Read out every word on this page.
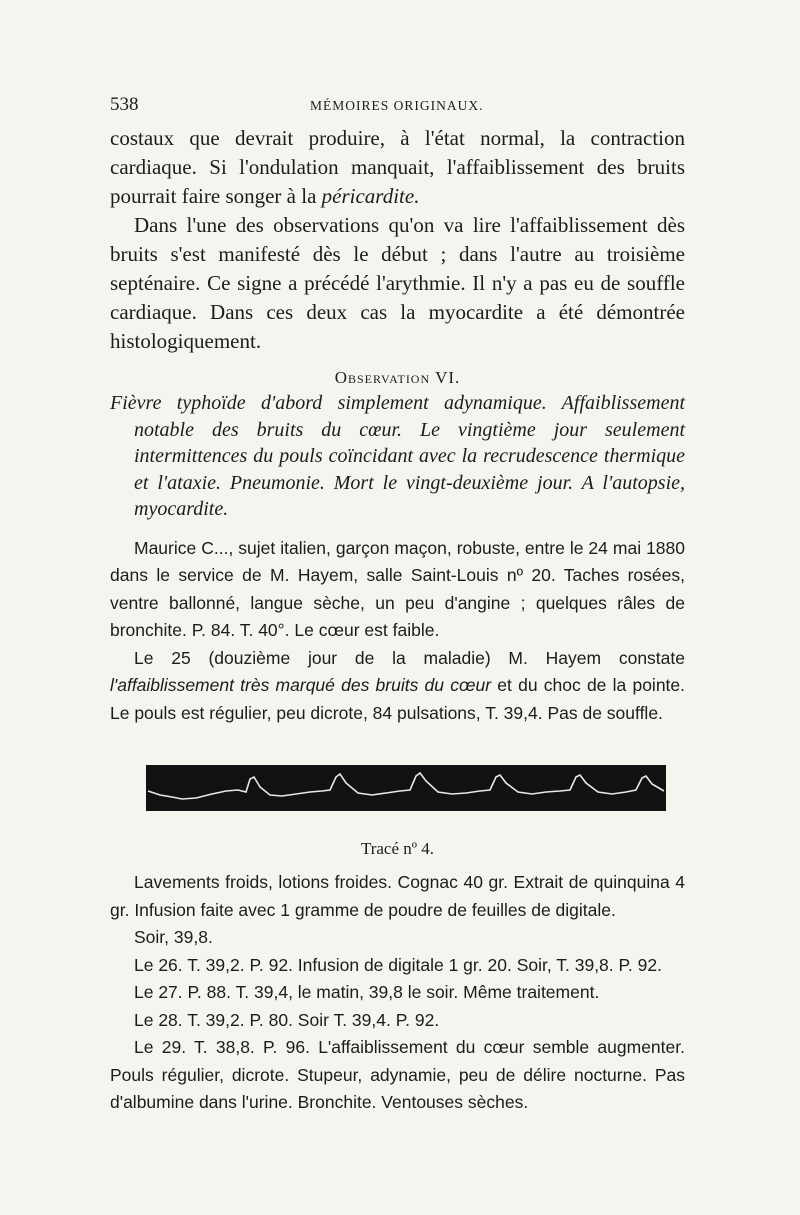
538	MÉMOIRES ORIGINAUX.

costaux que devrait produire, à l'état normal, la contraction cardiaque. Si l'ondulation manquait, l'affaiblissement des bruits pourrait faire songer à la péricardite.

Dans l'une des observations qu'on va lire l'affaiblissement dès bruits s'est manifesté dès le début ; dans l'autre au troisième septénaire. Ce signe a précédé l'arythmie. Il n'y a pas eu de souffle cardiaque. Dans ces deux cas la myocardite a été démontrée histologiquement.

Observation VI.

Fièvre typhoïde d'abord simplement adynamique. Affaiblissement notable des bruits du cœur. Le vingtième jour seulement intermittences du pouls coïncidant avec la recrudescence thermique et l'ataxie. Pneumonie. Mort le vingt-deuxième jour. A l'autopsie, myocardite.

Maurice C..., sujet italien, garçon maçon, robuste, entre le 24 mai 1880 dans le service de M. Hayem, salle Saint-Louis nº 20. Taches rosées, ventre ballonné, langue sèche, un peu d'angine ; quelques râles de bronchite. P. 84. T. 40°. Le cœur est faible.

Le 25 (douzième jour de la maladie) M. Hayem constate l'affaiblissement très marqué des bruits du cœur et du choc de la pointe. Le pouls est régulier, peu dicrote, 84 pulsations, T. 39,4. Pas de souffle.

Tracé nº 4.

Lavements froids, lotions froides. Cognac 40 gr. Extrait de quinquina 4 gr. Infusion faite avec 1 gramme de poudre de feuilles de digitale.

Soir, 39,8.

Le 26. T. 39,2. P. 92. Infusion de digitale 1 gr. 20. Soir, T. 39,8. P. 92.

Le 27. P. 88. T. 39,4, le matin, 39,8 le soir. Même traitement.

Le 28. T. 39,2. P. 80. Soir T. 39,4. P. 92.

Le 29. T. 38,8. P. 96. L'affaiblissement du cœur semble augmenter. Pouls régulier, dicrote. Stupeur, adynamie, peu de délire nocturne. Pas d'albumine dans l'urine. Bronchite. Ventouses sèches.
